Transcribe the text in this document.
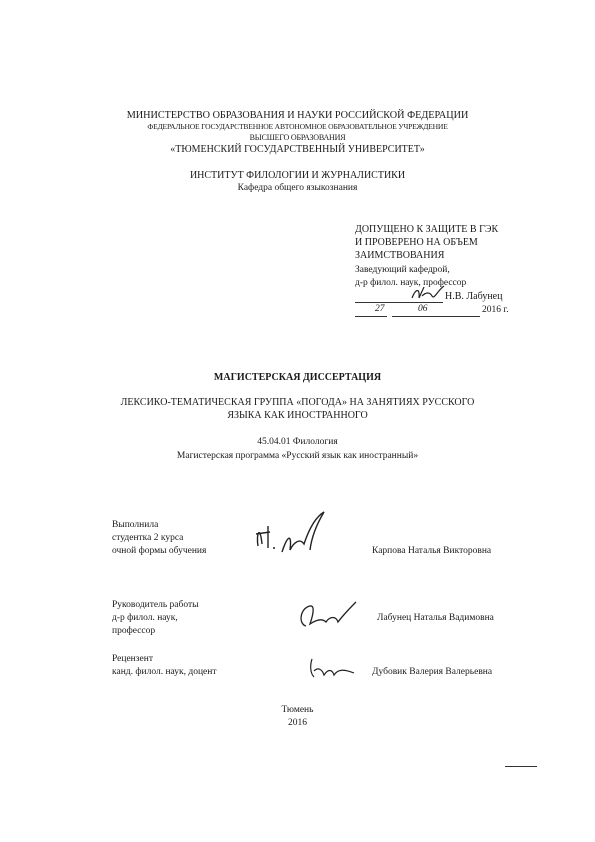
МИНИСТЕРСТВО ОБРАЗОВАНИЯ И НАУКИ РОССИЙСКОЙ ФЕДЕРАЦИИ
ФЕДЕРАЛЬНОЕ ГОСУДАРСТВЕННОЕ АВТОНОМНОЕ ОБРАЗОВАТЕЛЬНОЕ УЧРЕЖДЕНИЕ
ВЫСШЕГО ОБРАЗОВАНИЯ
«ТЮМЕНСКИЙ ГОСУДАРСТВЕННЫЙ УНИВЕРСИТЕТ»
ИНСТИТУТ ФИЛОЛОГИИ И ЖУРНАЛИСТИКИ
Кафедра общего языкознания
ДОПУЩЕНО К ЗАЩИТЕ В ГЭК
И ПРОВЕРЕНО НА ОБЪЕМ
ЗАИМСТВОВАНИЯ
Заведующий кафедрой,
д-р филол. наук, профессор
Н.В. Лабунец
27	06	2016 г.
МАГИСТЕРСКАЯ ДИССЕРТАЦИЯ
ЛЕКСИКО-ТЕМАТИЧЕСКАЯ ГРУППА «ПОГОДА» НА ЗАНЯТИЯХ РУССКОГО
ЯЗЫКА КАК ИНОСТРАННОГО
45.04.01 Филология
Магистерская программа «Русский язык как иностранный»
Выполнила
студентка 2 курса
очной формы обучения	Карпова Наталья Викторовна
Руководитель работы
д-р филол. наук,
профессор
Лабунец Наталья Вадимовна
Рецензент
канд. филол. наук, доцент	Дубовик Валерия Валерьевна
Тюмень
2016
